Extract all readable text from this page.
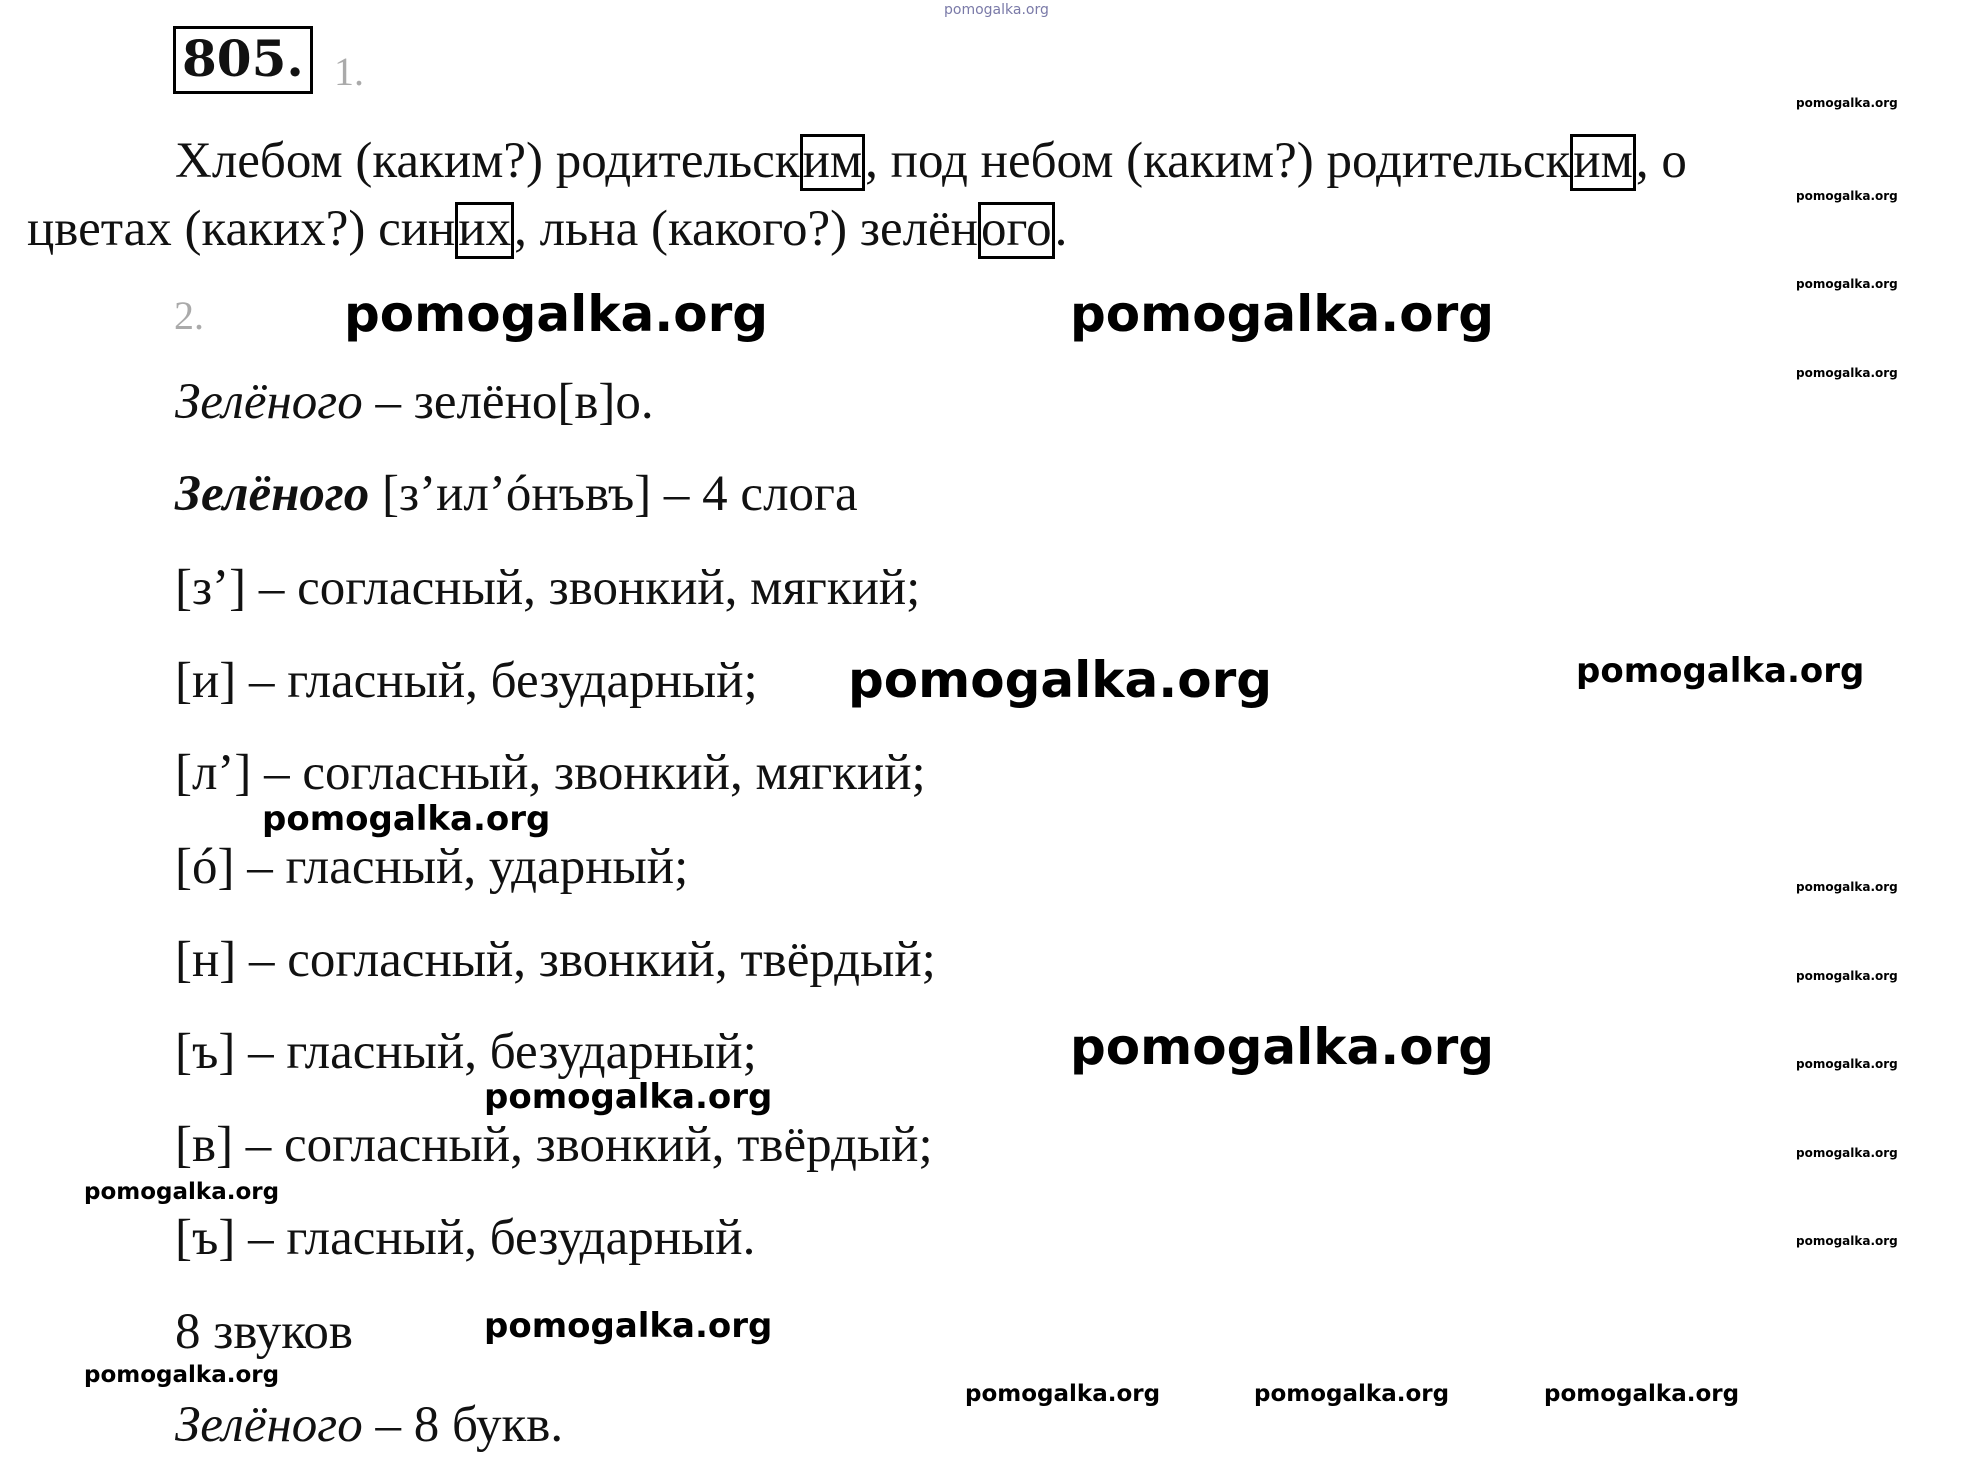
pomogalka.org
805. 1.
Хлебом (каким?) родительским, под небом (каким?) родительским, о
цветах (каких?) синих, льна (какого?) зелёного.
2.
Зелёного – зелёно[в]о.
Зелёного [з’ил’óнъвъ] – 4 слога
[з’] – согласный, звонкий, мягкий;
[и] – гласный, безударный;
[л’] – согласный, звонкий, мягкий;
[ó] – гласный, ударный;
[н] – согласный, звонкий, твёрдый;
[ъ] – гласный, безударный;
[в] – согласный, звонкий, твёрдый;
[ъ] – гласный, безударный.
8 звуков
Зелёного – 8 букв.
pomogalka.org	pomogalka.org
pomogalka.org
pomogalka.org
pomogalka.org
pomogalka.org
pomogalka.org
pomogalka.org
pomogalka.org
pomogalka.org
pomogalka.org	pomogalka.org	pomogalka.org
pomogalka.org
pomogalka.org
pomogalka.org
pomogalka.org
pomogalka.org
pomogalka.org
pomogalka.org
pomogalka.org
pomogalka.org
